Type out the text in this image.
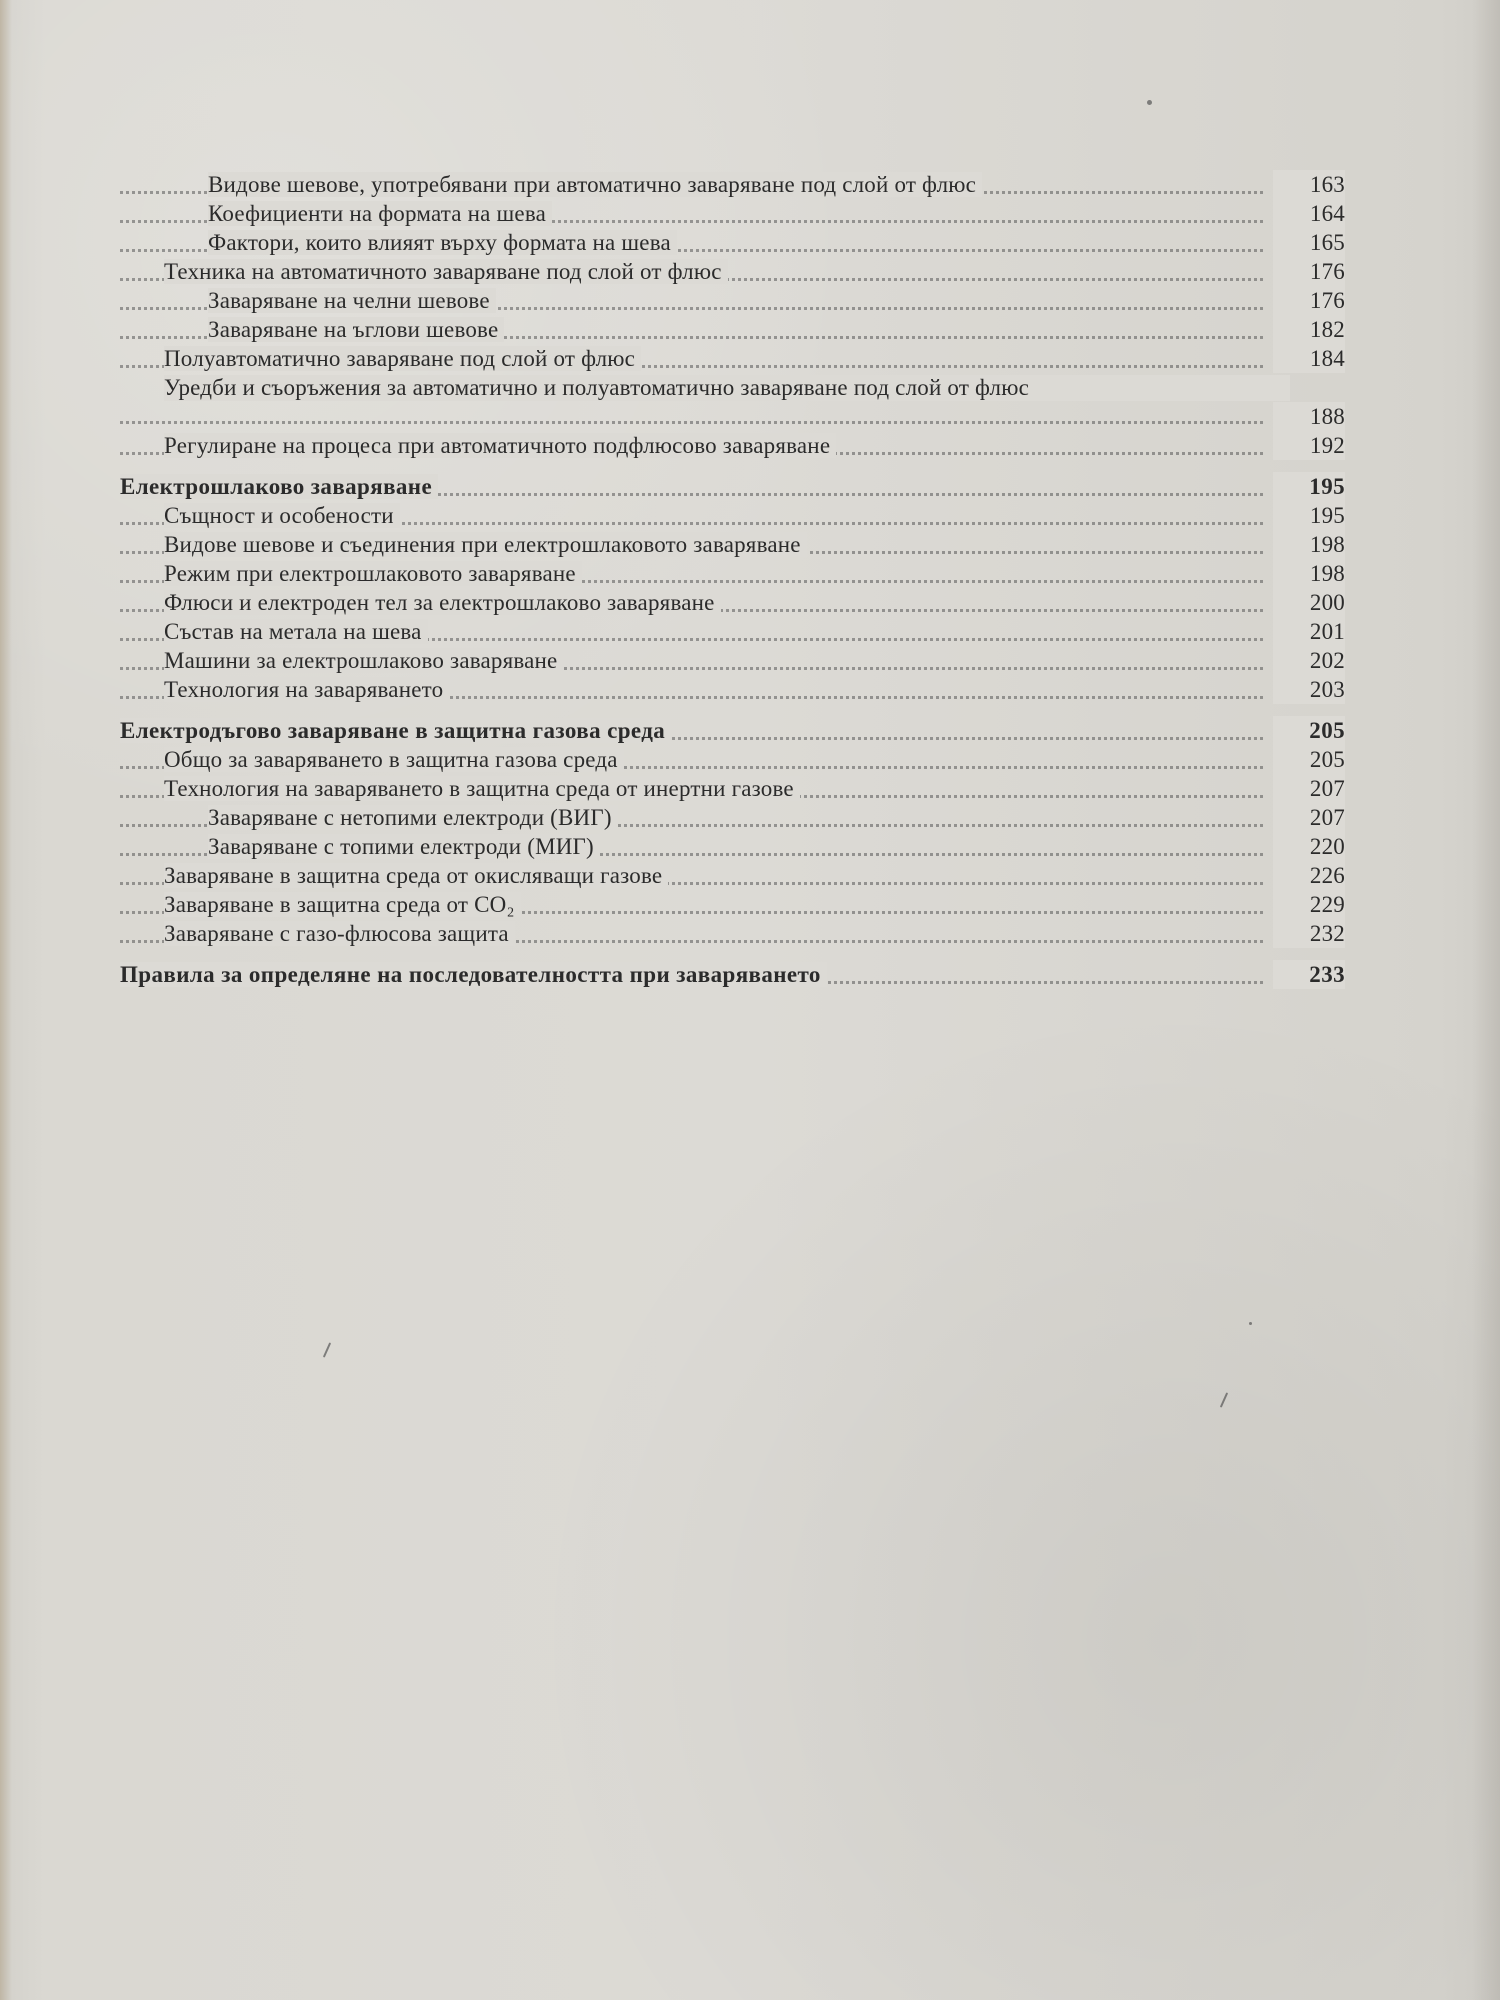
Видове шевове, употребявани при автоматично заваряване под слой от флюс	163
Коефициенти на формата на шева	164
Фактори, които влияят върху формата на шева	165
Техника на автоматичното заваряване под слой от флюс	176
Заваряване на челни шевове	176
Заваряване на ъглови шевове	182
Полуавтоматично заваряване под слой от флюс	184
Уредби и съоръжения за автоматично и полуавтоматично заваряване под слой от флюс
188
Регулиране на процеса при автоматичното подфлюсово заваряване	192
Електрошлаково заваряване	195
Същност и особености	195
Видове шевове и съединения при електрошлаковото заваряване	198
Режим при електрошлаковото заваряване	198
Флюси и електроден тел за електрошлаково заваряване	200
Състав на метала на шева	201
Машини за електрошлаково заваряване	202
Технология на заваряването	203
Електродъгово заваряване в защитна газова среда	205
Общо за заваряването в защитна газова среда	205
Технология на заваряването в защитна среда от инертни газове	207
Заваряване с нетопими електроди (ВИГ)	207
Заваряване с топими електроди (МИГ)	220
Заваряване в защитна среда от окисляващи газове	226
Заваряване в защитна среда от CO₂	229
Заваряване с газо-флюсова защита	232
Правила за определяне на последователността при заваряването	233
